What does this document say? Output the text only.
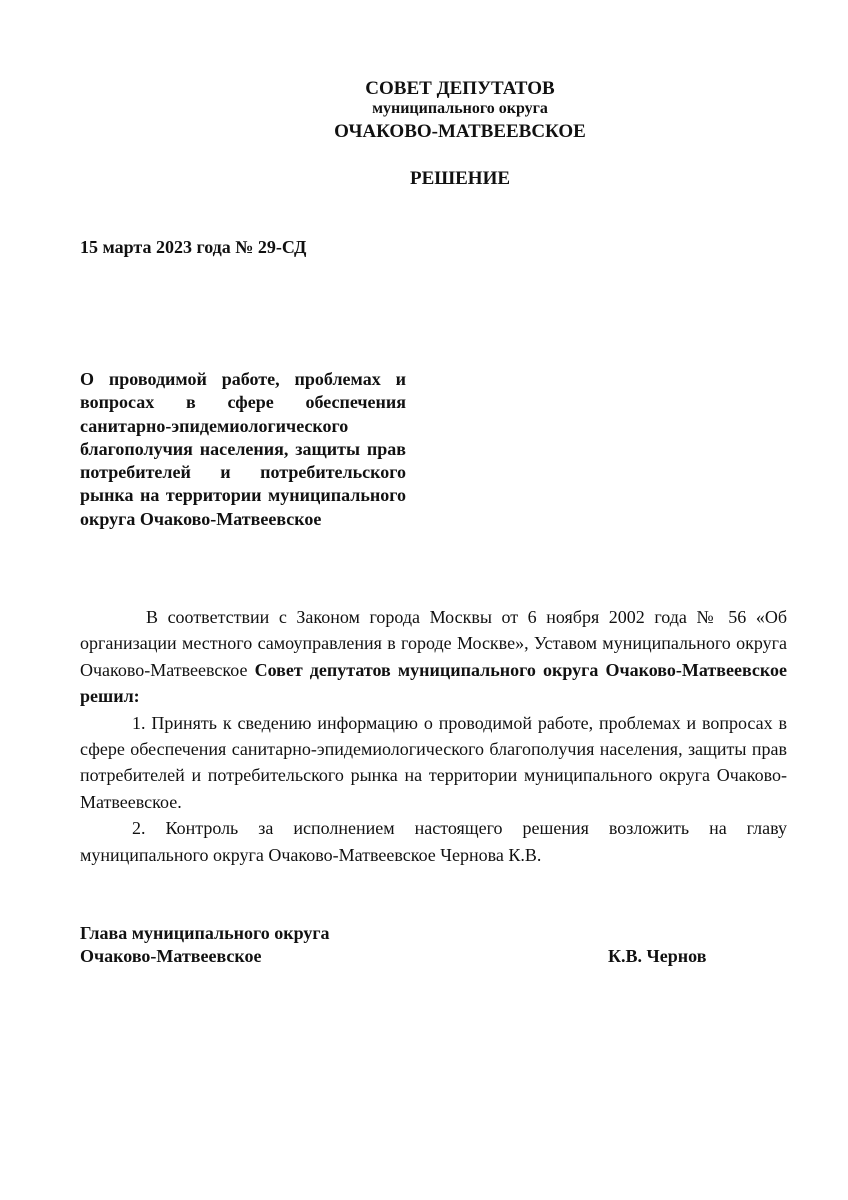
СОВЕТ ДЕПУТАТОВ
муниципального округа
ОЧАКОВО-МАТВЕЕВСКОЕ
РЕШЕНИЕ
15 марта 2023 года № 29-СД
О проводимой работе, проблемах и вопросах в сфере обеспечения санитарно-эпидемиологического благополучия населения, защиты прав потребителей и потребительского рынка на территории муниципального округа Очаково-Матвеевское

В соответствии с Законом города Москвы от 6 ноября 2002 года № 56 «Об организации местного самоуправления в городе Москве», Уставом муниципального округа Очаково-Матвеевское Совет депутатов муниципального округа Очаково-Матвеевское решил:

1. Принять к сведению информацию о проводимой работе, проблемах и вопросах в сфере обеспечения санитарно-эпидемиологического благополучия населения, защиты прав потребителей и потребительского рынка на территории муниципального округа Очаково-Матвеевское.

2. Контроль за исполнением настоящего решения возложить на главу муниципального округа Очаково-Матвеевское Чернова К.В.

Глава муниципального округа
Очаково-Матвеевское	К.В. Чернов
